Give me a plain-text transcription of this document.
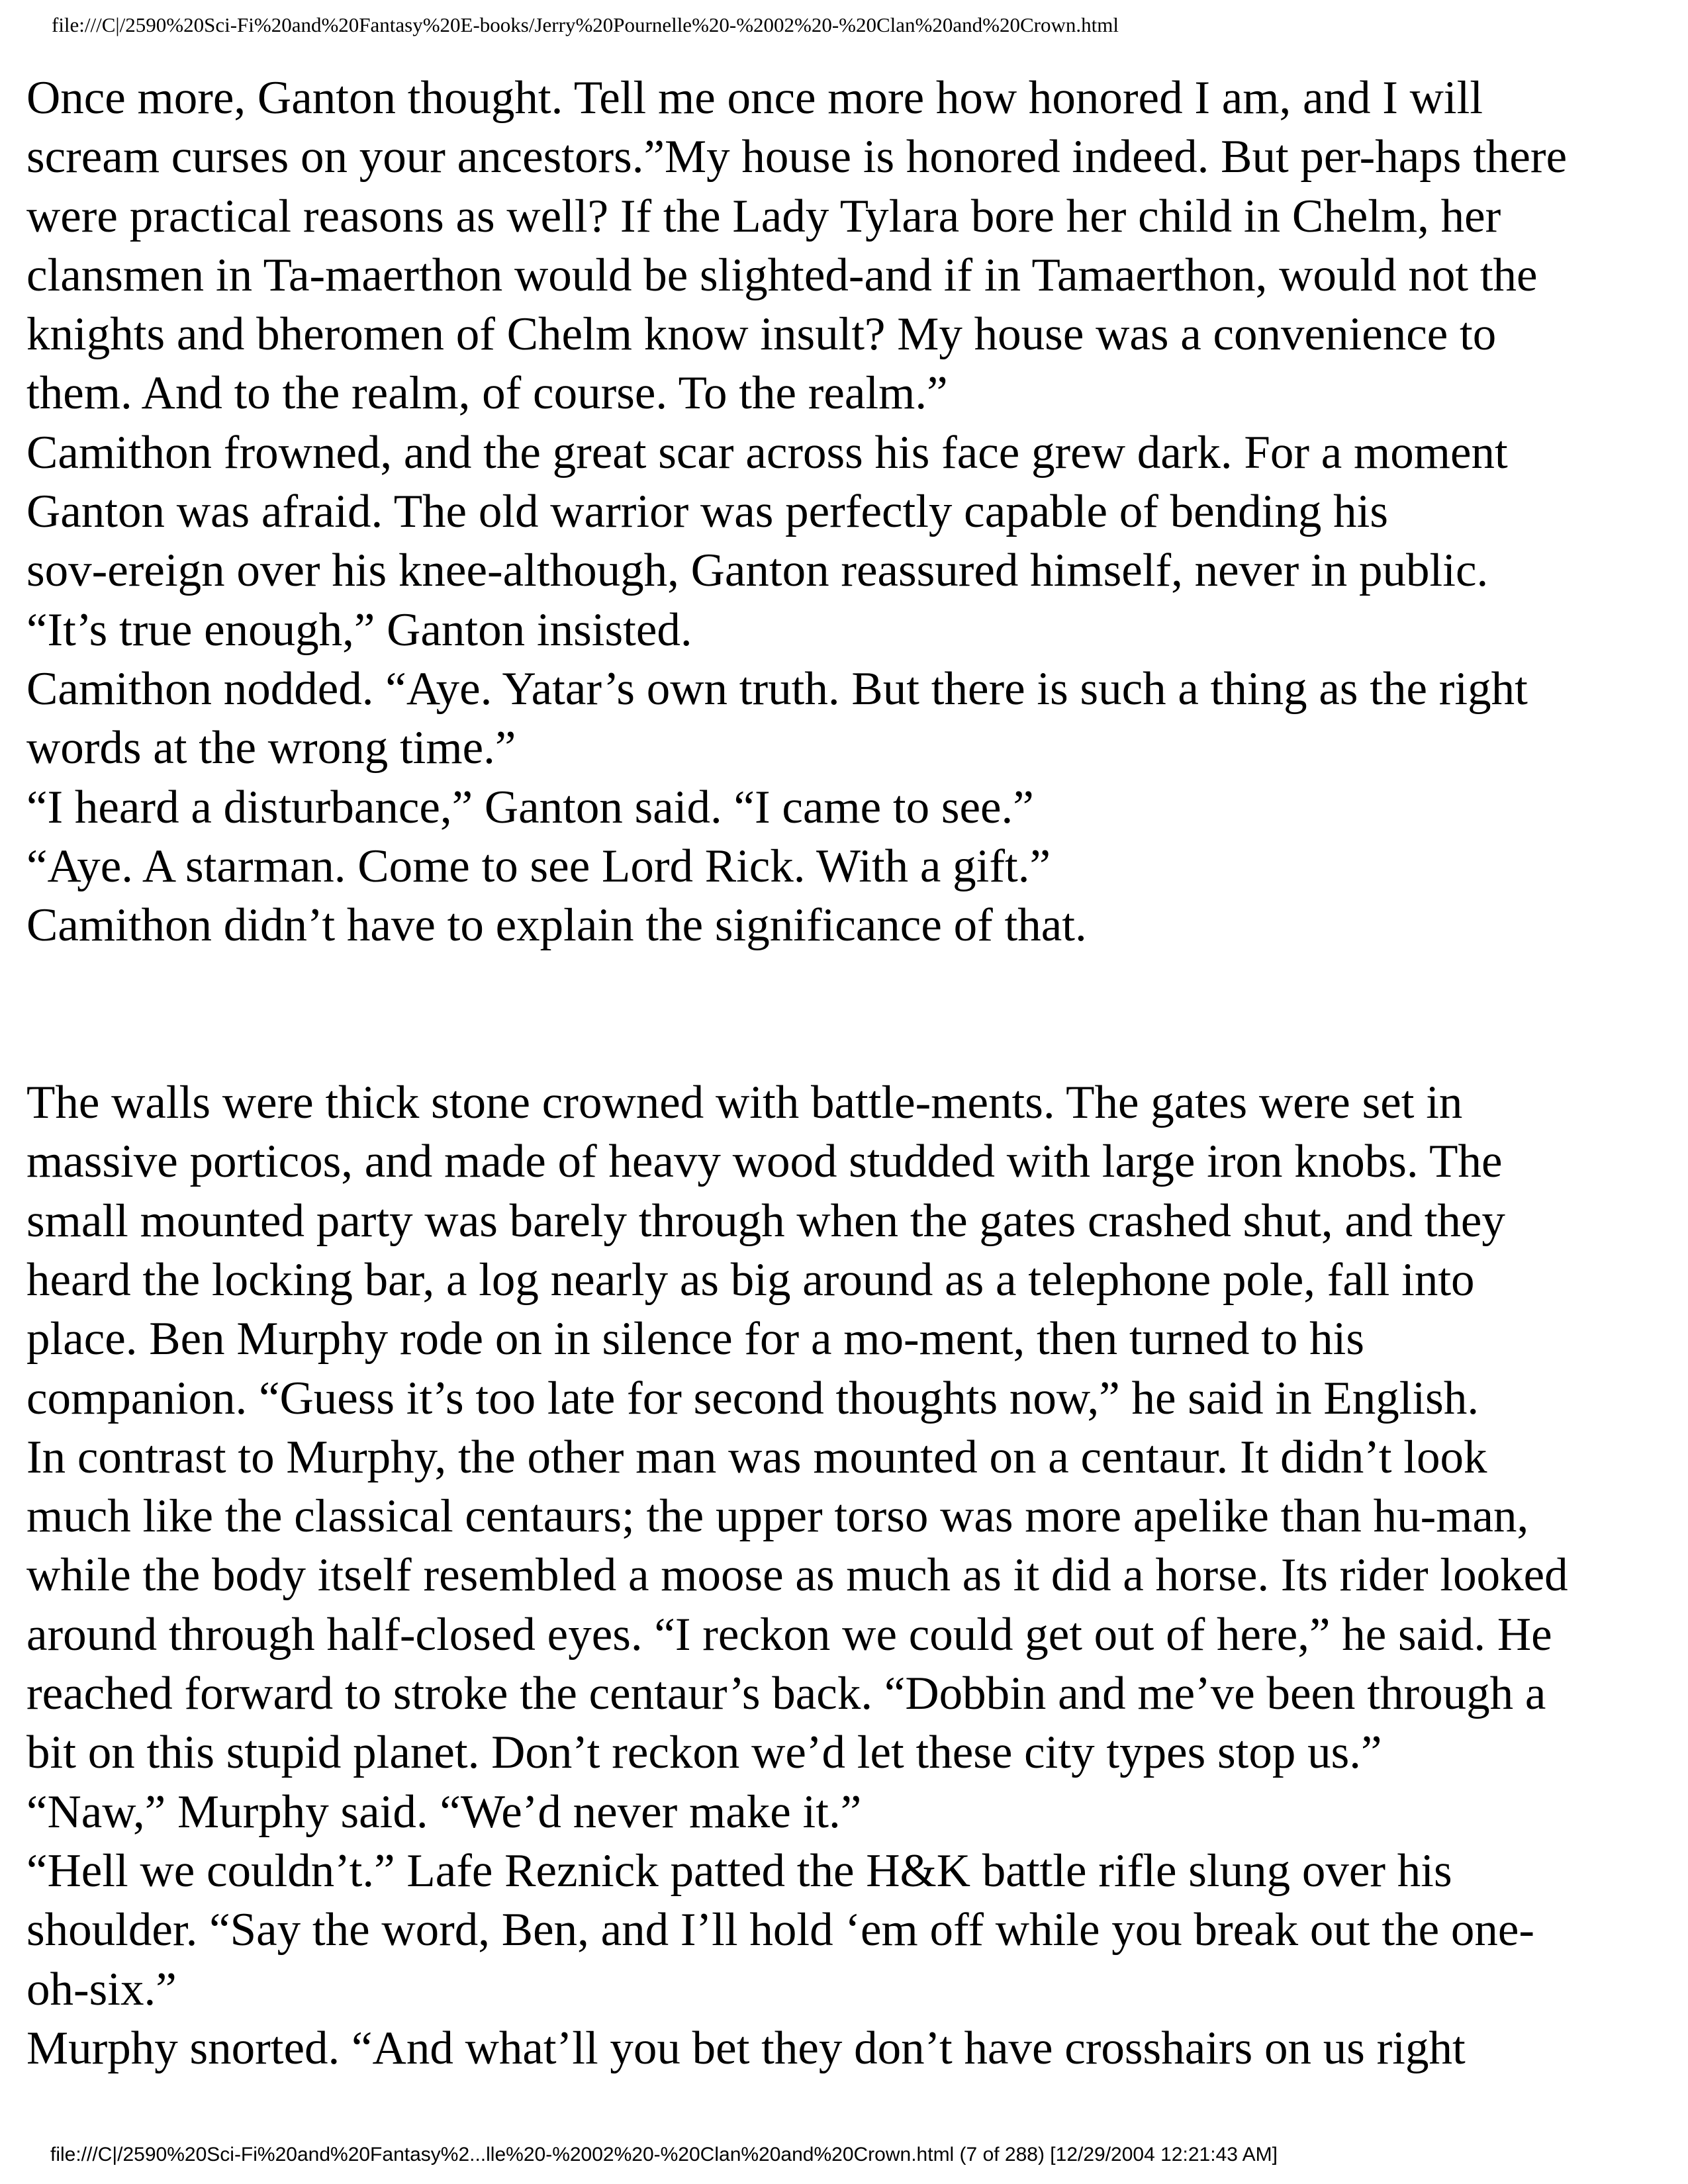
file:///C|/2590%20Sci-Fi%20and%20Fantasy%20E-books/Jerry%20Pournelle%20-%2002%20-%20Clan%20and%20Crown.html
Once more, Ganton thought. Tell me once more how honored I am, and I will
scream curses on your ancestors.”My house is honored indeed. But per-haps there
were practical reasons as well? If the Lady Tylara bore her child in Chelm, her
clansmen in Ta-maerthon would be slighted-and if in Tamaerthon, would not the
knights and bheromen of Chelm know insult? My house was a convenience to
them. And to the realm, of course. To the realm.”
Camithon frowned, and the great scar across his face grew dark. For a moment
Ganton was afraid. The old warrior was perfectly capable of bending his
sov-ereign over his knee-although, Ganton reassured himself, never in public.
“It’s true enough,” Ganton insisted.
Camithon nodded. “Aye. Yatar’s own truth. But there is such a thing as the right
words at the wrong time.”
“I heard a disturbance,” Ganton said. “I came to see.”
“Aye. A starman. Come to see Lord Rick. With a gift.”
Camithon didn’t have to explain the significance of that.
The walls were thick stone crowned with battle-ments. The gates were set in
massive porticos, and made of heavy wood studded with large iron knobs. The
small mounted party was barely through when the gates crashed shut, and they
heard the locking bar, a log nearly as big around as a telephone pole, fall into
place. Ben Murphy rode on in silence for a mo-ment, then turned to his
companion. “Guess it’s too late for second thoughts now,” he said in English.
In contrast to Murphy, the other man was mounted on a centaur. It didn’t look
much like the classical centaurs; the upper torso was more apelike than hu-man,
while the body itself resembled a moose as much as it did a horse. Its rider looked
around through half-closed eyes. “I reckon we could get out of here,” he said. He
reached forward to stroke the centaur’s back. “Dobbin and me’ve been through a
bit on this stupid planet. Don’t reckon we’d let these city types stop us.”
“Naw,” Murphy said. “We’d never make it.”
“Hell we couldn’t.” Lafe Reznick patted the H&K battle rifle slung over his
shoulder. “Say the word, Ben, and I’ll hold ‘em off while you break out the one-
oh-six.”
Murphy snorted. “And what’ll you bet they don’t have crosshairs on us right
file:///C|/2590%20Sci-Fi%20and%20Fantasy%2...lle%20-%2002%20-%20Clan%20and%20Crown.html (7 of 288) [12/29/2004 12:21:43 AM]
